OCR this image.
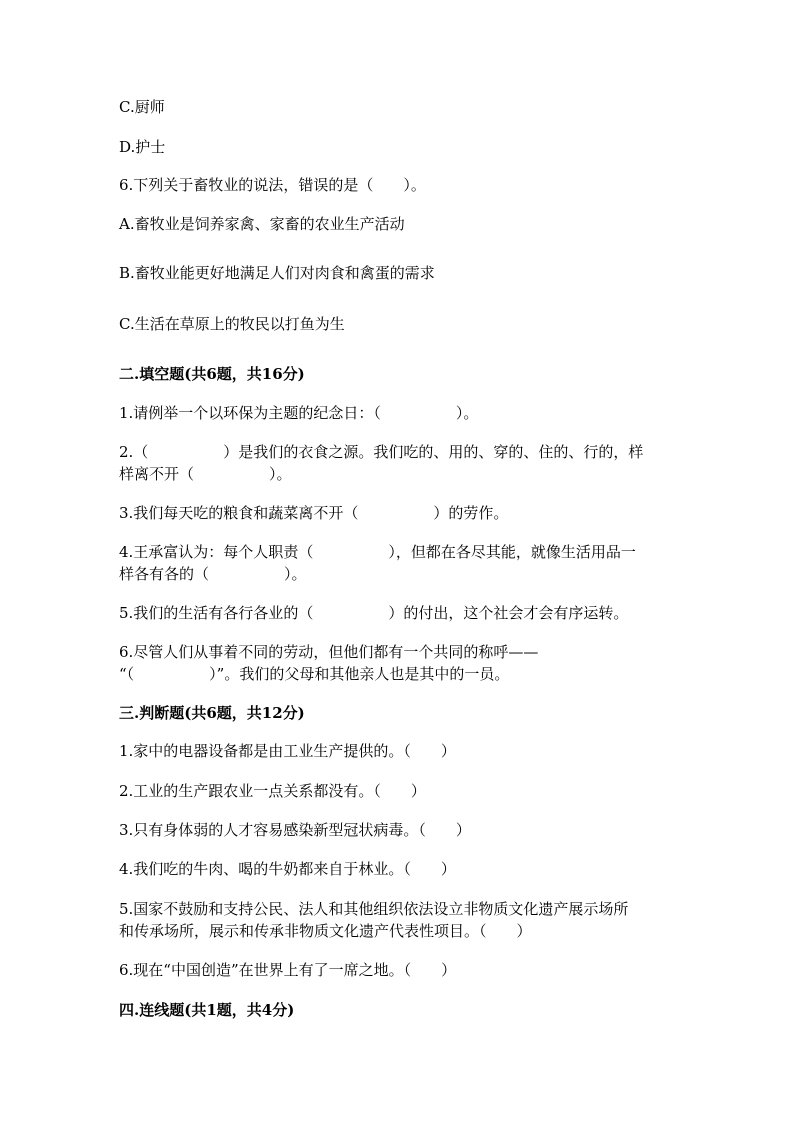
C.厨师
D.护士
6.下列关于畜牧业的说法，错误的是（　　）。
A.畜牧业是饲养家禽、家畜的农业生产活动
B.畜牧业能更好地满足人们对肉食和禽蛋的需求
C.生活在草原上的牧民以打鱼为生
二.填空题(共6题，共16分)
1.请例举一个以环保为主题的纪念日：（　　　　　）。
2.（　　　　　）是我们的衣食之源。我们吃的、用的、穿的、住的、行的，样
样离不开（　　　　　）。
3.我们每天吃的粮食和蔬菜离不开（　　　　　）的劳作。
4.王承富认为：每个人职责（　　　　　），但都在各尽其能，就像生活用品一
样各有各的（　　　　　）。
5.我们的生活有各行各业的（　　　　　）的付出，这个社会才会有序运转。
6.尽管人们从事着不同的劳动，但他们都有一个共同的称呼——
“（　　　　　）”。我们的父母和其他亲人也是其中的一员。
三.判断题(共6题，共12分)
1.家中的电器设备都是由工业生产提供的。（　　）
2.工业的生产跟农业一点关系都没有。（　　）
3.只有身体弱的人才容易感染新型冠状病毒。（　　）
4.我们吃的牛肉、喝的牛奶都来自于林业。（　　）
5.国家不鼓励和支持公民、法人和其他组织依法设立非物质文化遗产展示场所
和传承场所，展示和传承非物质文化遗产代表性项目。（　　）
6.现在“中国创造”在世界上有了一席之地。（　　）
四.连线题(共1题，共4分)
